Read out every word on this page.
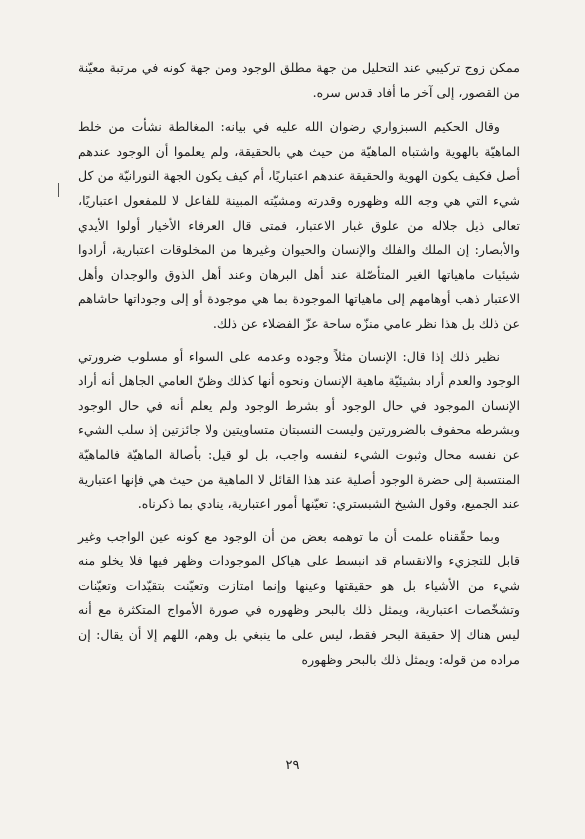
ممكن زوج تركيبي عند التحليل من جهة مطلق الوجود ومن جهة كونه في مرتبة معيّنة من القصور، إلى آخر ما أفاد قدس سره.

وقال الحكيم السبزواري رضوان الله عليه في بيانه: المغالطة نشأت من خلط الماهيّة بالهوية واشتباه الماهيّة من حيث هي بالحقيقة، ولم يعلموا أن الوجود عندهم أصل فكيف يكون الهوية والحقيقة عندهم اعتباريًا، أم كيف يكون الجهة النورانيّة من كل شيء التي هي وجه الله وظهوره وقدرته ومشيّته المبينة للفاعل لا للمفعول اعتباريًا، تعالى ذيل جلاله من علوق غبار الاعتبار، فمتى قال العرفاء الأخيار أولوا الأيدي والأبصار: إن الملك والفلك والإنسان والحيوان وغيرها من المخلوقات اعتبارية، أرادوا شيئيات ماهياتها الغير المتأصّلة عند أهل البرهان وعند أهل الذوق والوجدان وأهل الاعتبار ذهب أوهامهم إلى ماهياتها الموجودة بما هي موجودة أو إلى وجوداتها حاشاهم عن ذلك بل هذا نظر عامي منزّه ساحة عزّ الفضلاء عن ذلك.

نظير ذلك إذا قال: الإنسان مثلاً وجوده وعدمه على السواء أو مسلوب ضرورتي الوجود والعدم أراد بشيئيّة ماهية الإنسان ونحوه أنها كذلك وظنّ العامي الجاهل أنه أراد الإنسان الموجود في حال الوجود أو بشرط الوجود ولم يعلم أنه في حال الوجود وبشرطه محفوف بالضرورتين وليست النسبتان متساويتين ولا جائزتين إذ سلب الشيء عن نفسه محال وثبوت الشيء لنفسه واجب، بل لو قيل: بأصالة الماهيّة فالماهيّة المنتسبة إلى حضرة الوجود أصلية عند هذا القائل لا الماهية من حيث هي فإنها اعتبارية عند الجميع، وقول الشيخ الشبستري: تعيّنها أمور اعتبارية، ينادي بما ذكرناه.

وبما حقّقناه علمت أن ما توهمه بعض من أن الوجود مع كونه عين الواجب وغير قابل للتجزيء والانقسام قد انبسط على هياكل الموجودات وظهر فيها فلا يخلو منه شيء من الأشياء بل هو حقيقتها وعينها وإنما امتازت وتعيّنت بتقيّدات وتعيّنات وتشخّصات اعتبارية، ويمثل ذلك بالبحر وظهوره في صورة الأمواج المتكثرة مع أنه ليس هناك إلا حقيقة البحر فقط، ليس على ما ينبغي بل وهم، اللهم إلا أن يقال: إن مراده من قوله: ويمثل ذلك بالبحر وظهوره

٢٩
